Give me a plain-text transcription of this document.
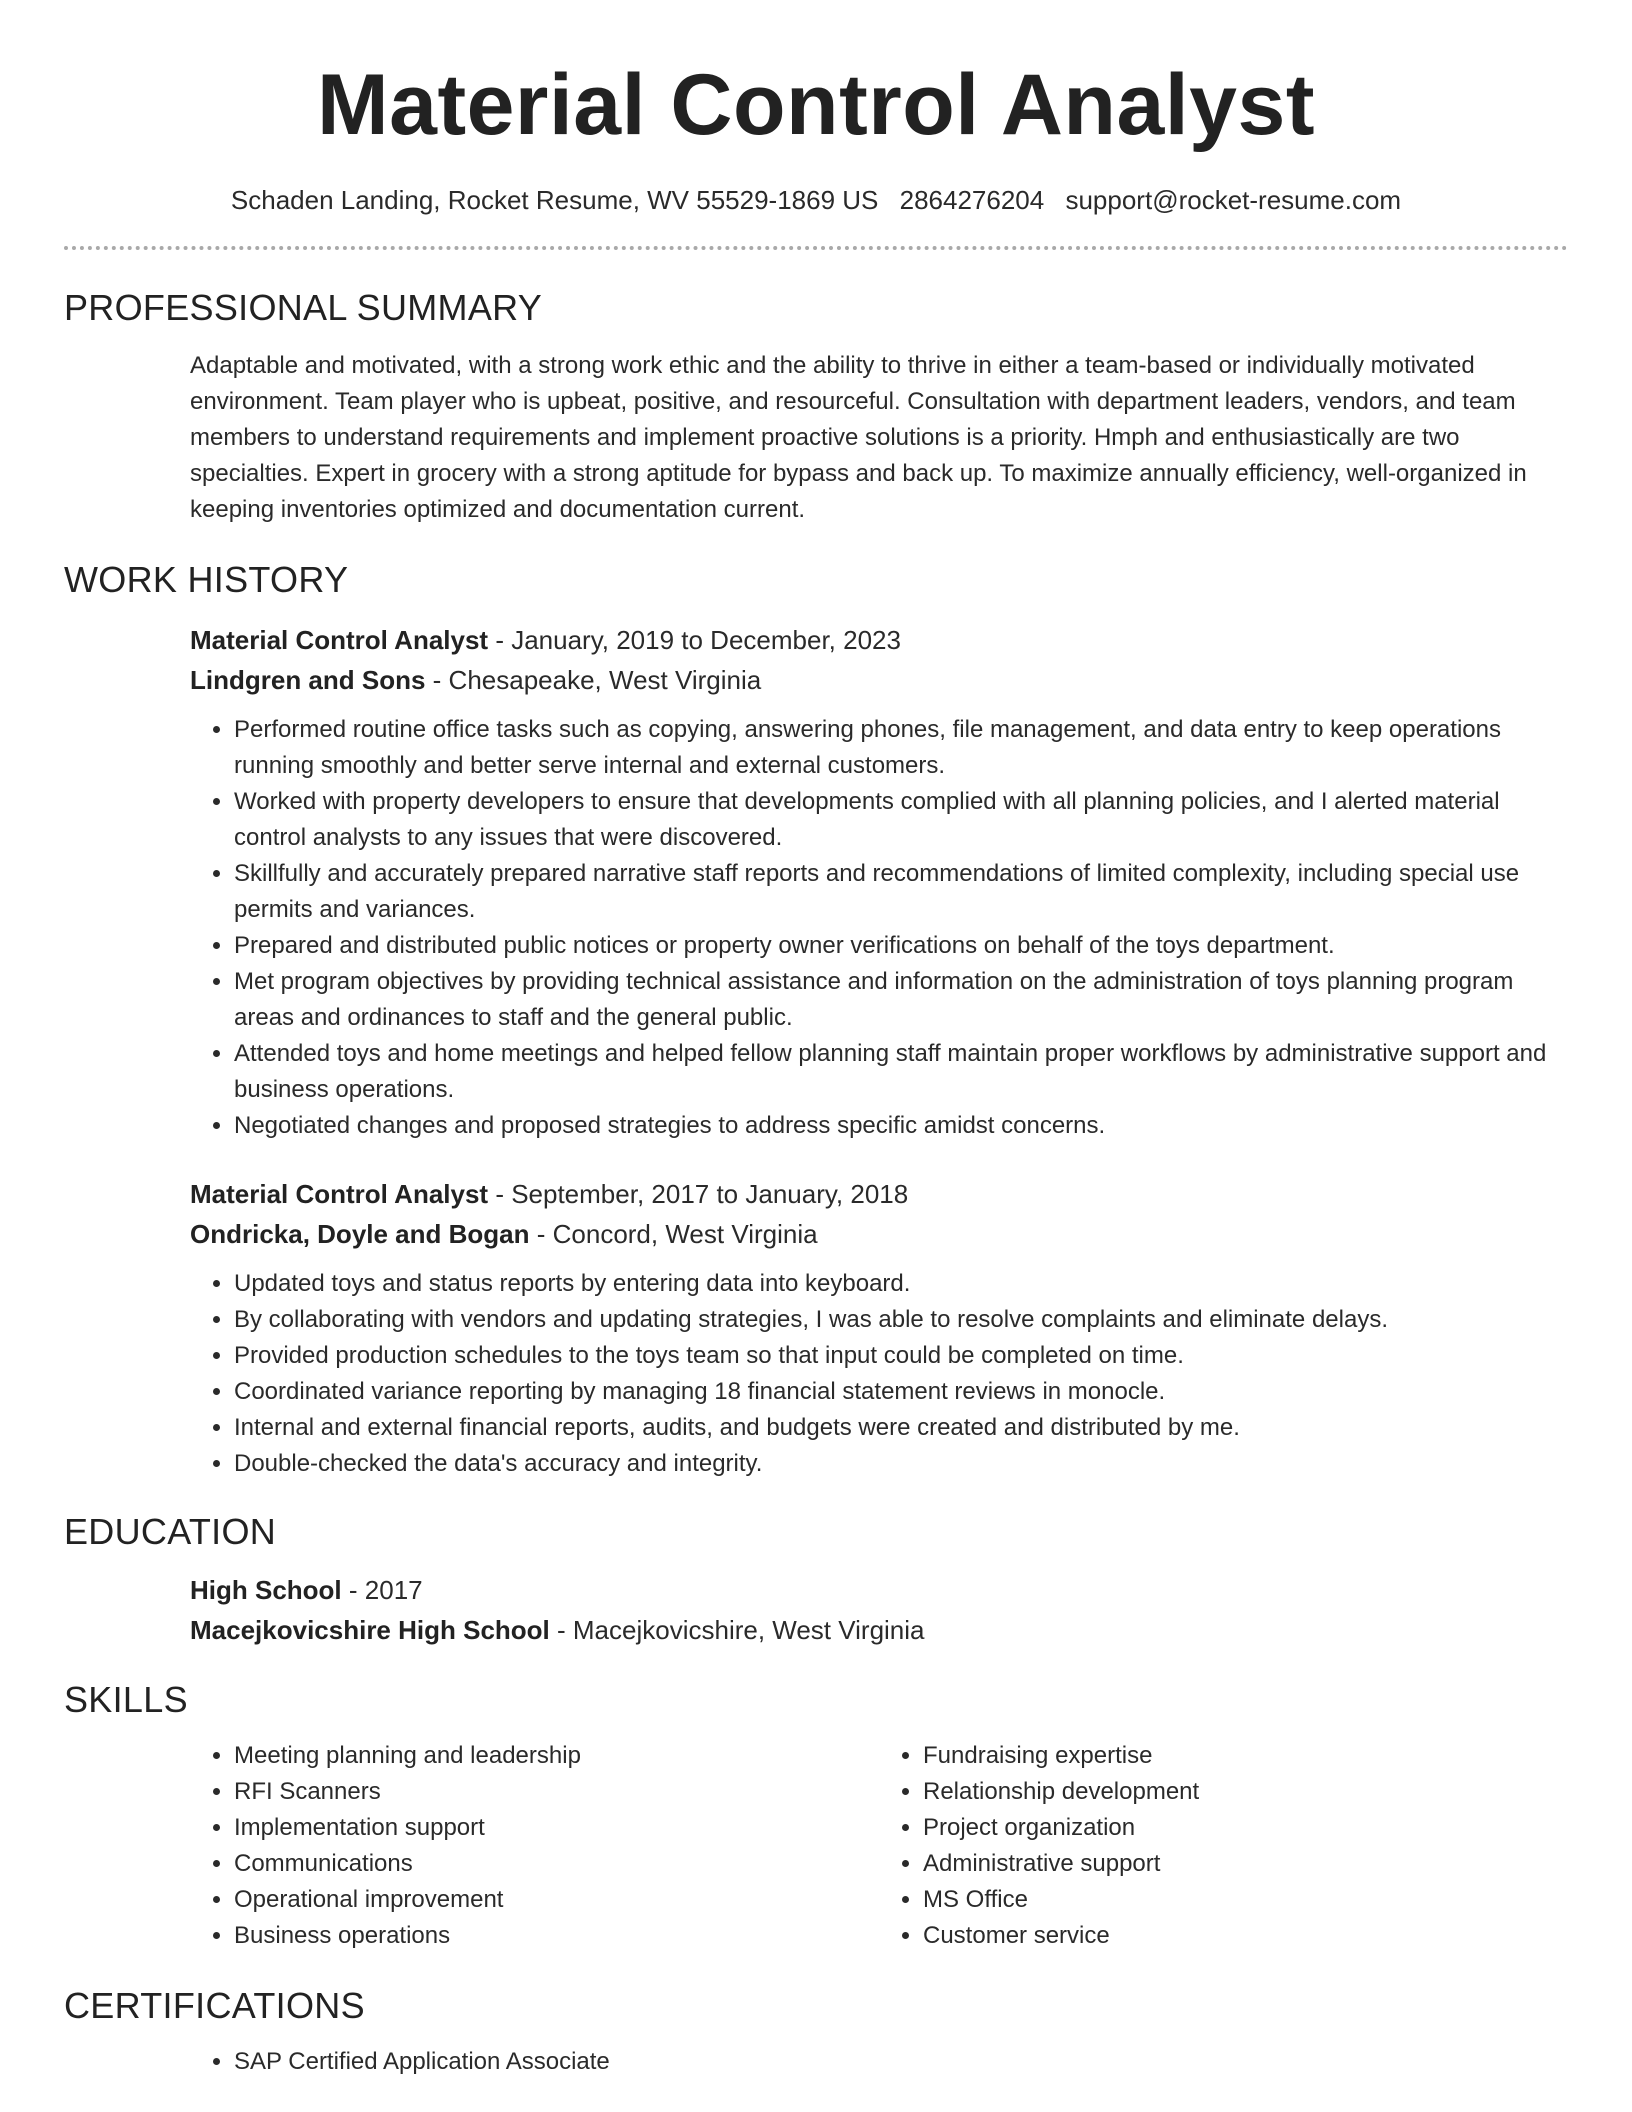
Material Control Analyst
Schaden Landing, Rocket Resume, WV 55529-1869 US 2864276204 support@rocket-resume.com
PROFESSIONAL SUMMARY

Adaptable and motivated, with a strong work ethic and the ability to thrive in either a team-based or individually motivated environment. Team player who is upbeat, positive, and resourceful. Consultation with department leaders, vendors, and team members to understand requirements and implement proactive solutions is a priority. Hmph and enthusiastically are two specialties. Expert in grocery with a strong aptitude for bypass and back up. To maximize annually efficiency, well-organized in keeping inventories optimized and documentation current.

WORK HISTORY

Material Control Analyst - January, 2019 to December, 2023

Lindgren and Sons - Chesapeake, West Virginia

• Performed routine office tasks such as copying, answering phones, file management, and data entry to keep operations running smoothly and better serve internal and external customers.
• Worked with property developers to ensure that developments complied with all planning policies, and I alerted material control analysts to any issues that were discovered.
• Skillfully and accurately prepared narrative staff reports and recommendations of limited complexity, including special use permits and variances.
• Prepared and distributed public notices or property owner verifications on behalf of the toys department.
• Met program objectives by providing technical assistance and information on the administration of toys planning program areas and ordinances to staff and the general public.
• Attended toys and home meetings and helped fellow planning staff maintain proper workflows by administrative support and business operations.
• Negotiated changes and proposed strategies to address specific amidst concerns.

Material Control Analyst - September, 2017 to January, 2018

Ondricka, Doyle and Bogan - Concord, West Virginia

• Updated toys and status reports by entering data into keyboard.
• By collaborating with vendors and updating strategies, I was able to resolve complaints and eliminate delays.
• Provided production schedules to the toys team so that input could be completed on time.
• Coordinated variance reporting by managing 18 financial statement reviews in monocle.
• Internal and external financial reports, audits, and budgets were created and distributed by me.
• Double-checked the data's accuracy and integrity.
EDUCATION

High School - 2017

Macejkovicshire High School - Macejkovicshire, West Virginia

SKILLS
• Meeting planning and leadership
• RFI Scanners
• Implementation support
• Communications
• Operational improvement
• Business operations
• Fundraising expertise
• Relationship development
• Project organization
• Administrative support
• MS Office
• Customer service
CERTIFICATIONS
• SAP Certified Application Associate
